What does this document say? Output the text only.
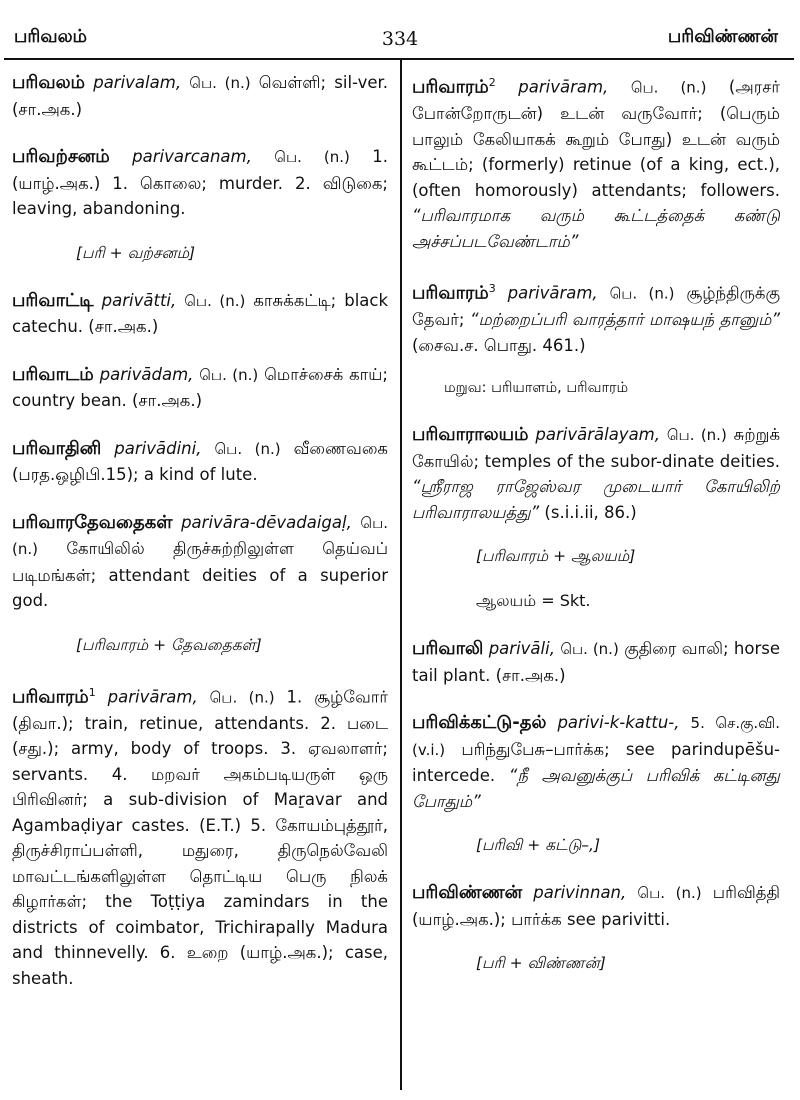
பரிவலம்	334	பரிவிண்ணன்
பரிவலம் parivalam, பெ. (n.) வெள்ளி; sil-ver. (சா.அக.)
பரிவற்சனம் parivarcanam, பெ. (n.) 1.(யாழ்.அக.) 1. கொலை; murder. 2. விடுகை; leaving, abandoning.
[பரி + வற்சனம்]
பரிவாட்டி parivātti, பெ. (n.) காசுக்கட்டி; black catechu. (சா.அக.)
பரிவாடம் parivādam, பெ. (n.) மொச்சைக் காய்; country bean. (சா.அக.)
பரிவாதினி parivādini, பெ. (n.) வீணைவகை (பரத.ஒழிபி.15); a kind of lute.
பரிவாரதேவதைகள் parivāra-dēvadaigaḷ, பெ. (n.) கோயிலில் திருச்சுற்றிலுள்ள தெய்வப் படிமங்கள்; attendant deities of a superior god.
[பரிவாரம் + தேவதைகள்]
பரிவாரம்$^1$ parivāram, பெ. (n.) 1. சூழ்வோர் (திவா.); train, retinue, attendants. 2. படை (சது.); army, body of troops. 3. ஏவலாளர்; servants. 4. மறவர் அகம்படியருள் ஒரு பிரிவினர்; a sub-division of Maṟavar and Agambaḍiyar castes. (E.T.) 5. கோயம்புத்தூர், திருச்சிராப்பள்ளி, மதுரை, திருநெல்வேலி மாவட்டங்களிலுள்ள தொட்டிய பெரு நிலக் கிழார்கள்; the Toṭṭiya zamindars in the districts of coimbator, Trichirapally Madura and thinnevelly. 6. உறை (யாழ்.அக.); case, sheath.
பரிவாரம்$^2$ parivāram, பெ. (n.) (அரசர் போன்றோருடன்) உடன் வருவோர்; (பெரும் பாலும் கேலியாகக் கூறும் போது) உடன் வரும் கூட்டம்; (formerly) retinue (of a king, ect.), (often homorously) attendants; followers. “பரிவாரமாக வரும் கூட்டத்தைக் கண்டு அச்சப்படவேண்டாம்”
பரிவாரம்$^3$ parivāram, பெ. (n.) சூழ்ந்திருக்கு தேவர்; “மற்றைப்பரி வாரத்தார் மாஷயந் தானும்” (சைவ.ச. பொது. 461.)
மறுவ: பரியாளம், பரிவாரம்
பரிவாராலயம் parivārālayam, பெ. (n.) சுற்றுக் கோயில்; temples of the subor-dinate deities. “ஸ்ரீராஜ ராஜேஸ்வர முடையார் கோயிலிற் பரிவாராலயத்து” (s.i.i.ii, 86.)
[பரிவாரம் + ஆலயம்]
ஆலயம் = Skt.
பரிவாலி parivāli, பெ. (n.) குதிரை வாலி; horse tail plant. (சா.அக.)
பரிவிக்கட்டு-தல் parivi-k-kattu-, 5. செ.கு.வி. (v.i.) பரிந்துபேசு–பார்க்க; see parindupēšu-intercede. “நீ அவனுக்குப் பரிவிக் கட்டினது போதும்”
[பரிவி + கட்டு–,]
பரிவிண்ணன் parivinnan, பெ. (n.) பரிவித்தி (யாழ்.அக.); பார்க்க see parivitti.
[பரி + விண்ணன்]
